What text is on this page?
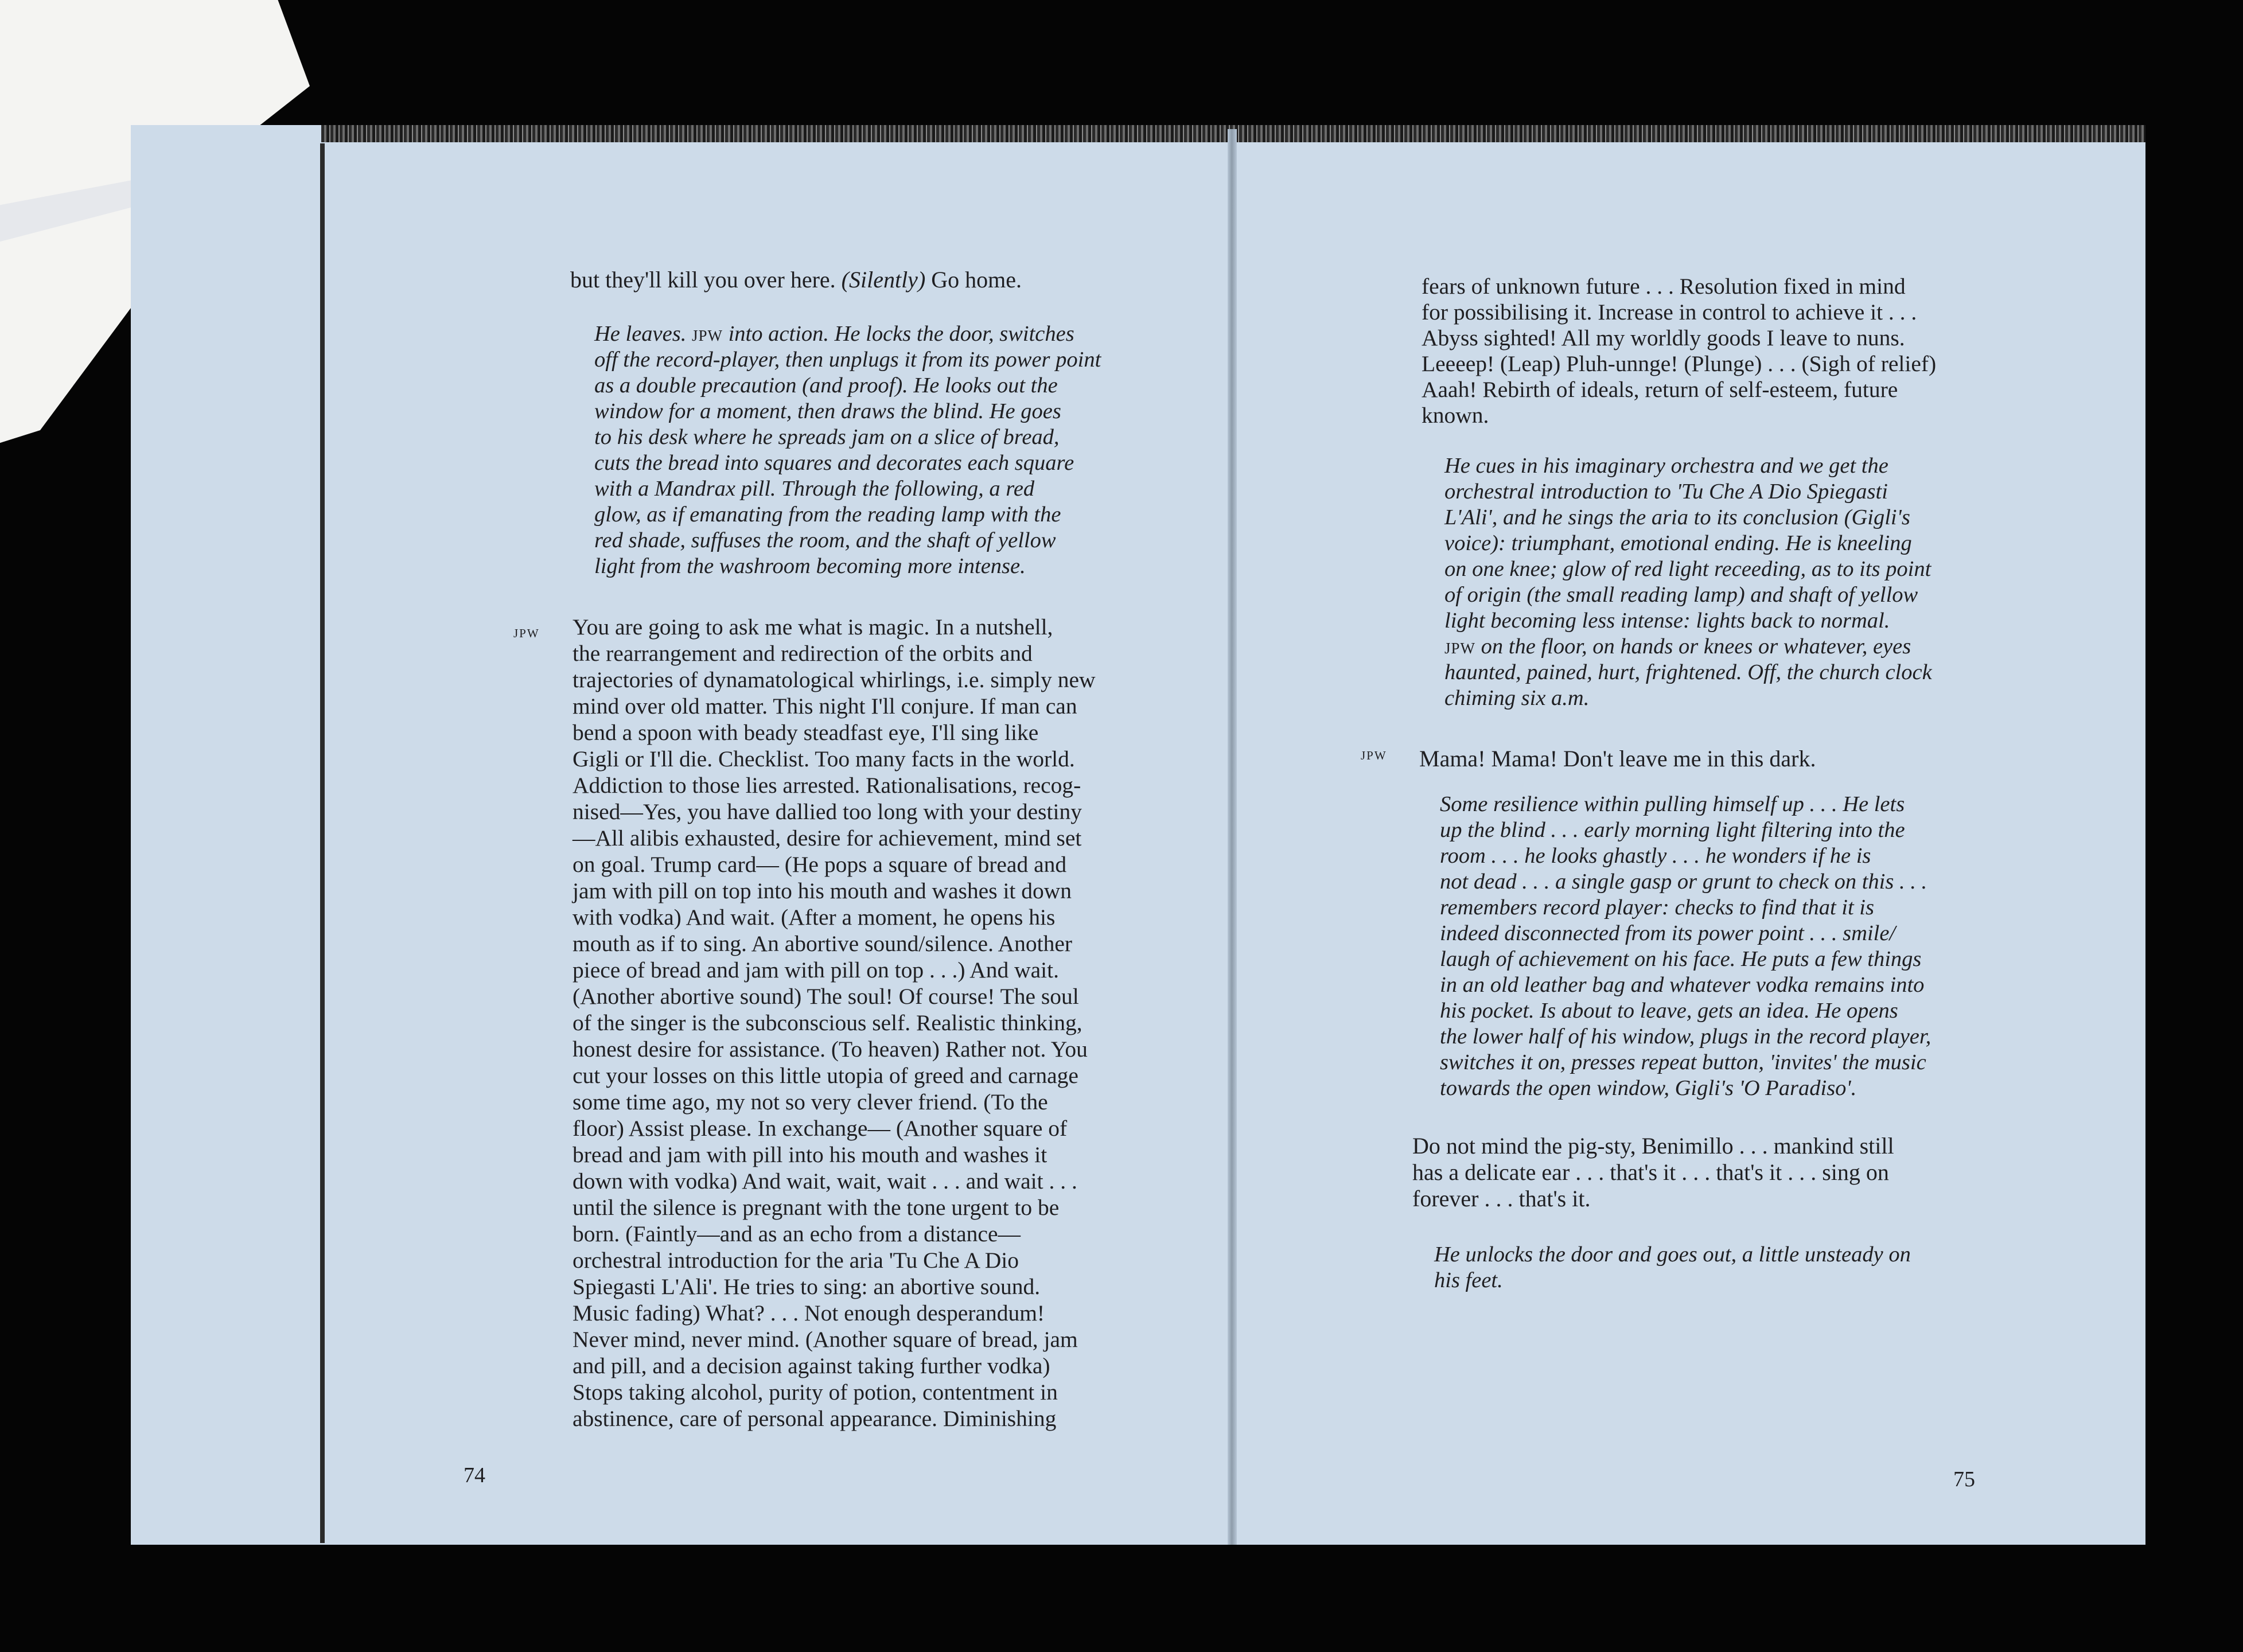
but they'll kill you over here. (Silently) Go home.
He leaves. jpw into action. He locks the door, switches
off the record-player, then unplugs it from its power point
as a double precaution (and proof). He looks out the
window for a moment, then draws the blind. He goes
to his desk where he spreads jam on a slice of bread,
cuts the bread into squares and decorates each square
with a Mandrax pill. Through the following, a red
glow, as if emanating from the reading lamp with the
red shade, suffuses the room, and the shaft of yellow
light from the washroom becoming more intense.
jpw You are going to ask me what is magic. In a nutshell,
the rearrangement and redirection of the orbits and
trajectories of dynamatological whirlings, i.e. simply new
mind over old matter. This night I'll conjure. If man can
bend a spoon with beady steadfast eye, I'll sing like
Gigli or I'll die. Checklist. Too many facts in the world.
Addiction to those lies arrested. Rationalisations, recog-
nised—Yes, you have dallied too long with your destiny
—All alibis exhausted, desire for achievement, mind set
on goal. Trump card— (He pops a square of bread and
jam with pill on top into his mouth and washes it down
with vodka) And wait. (After a moment, he opens his
mouth as if to sing. An abortive sound/silence. Another
piece of bread and jam with pill on top . . .) And wait.
(Another abortive sound) The soul! Of course! The soul
of the singer is the subconscious self. Realistic thinking,
honest desire for assistance. (To heaven) Rather not. You
cut your losses on this little utopia of greed and carnage
some time ago, my not so very clever friend. (To the
floor) Assist please. In exchange— (Another square of
bread and jam with pill into his mouth and washes it
down with vodka) And wait, wait, wait . . . and wait . . .
until the silence is pregnant with the tone urgent to be
born. (Faintly—and as an echo from a distance—
orchestral introduction for the aria 'Tu Che A Dio
Spiegasti L'Ali'. He tries to sing: an abortive sound.
Music fading) What? . . . Not enough desperandum!
Never mind, never mind. (Another square of bread, jam
and pill, and a decision against taking further vodka)
Stops taking alcohol, purity of potion, contentment in
abstinence, care of personal appearance. Diminishing
74
fears of unknown future . . . Resolution fixed in mind
for possibilising it. Increase in control to achieve it . . .
Abyss sighted! All my worldly goods I leave to nuns.
Leeeep! (Leap) Pluh-unnge! (Plunge) . . . (Sigh of relief)
Aaah! Rebirth of ideals, return of self-esteem, future
known.
He cues in his imaginary orchestra and we get the
orchestral introduction to 'Tu Che A Dio Spiegasti
L'Ali', and he sings the aria to its conclusion (Gigli's
voice): triumphant, emotional ending. He is kneeling
on one knee; glow of red light receeding, as to its point
of origin (the small reading lamp) and shaft of yellow
light becoming less intense: lights back to normal.
jpw on the floor, on hands or knees or whatever, eyes
haunted, pained, hurt, frightened. Off, the church clock
chiming six a.m.
jpw Mama! Mama! Don't leave me in this dark.
Some resilience within pulling himself up . . . He lets
up the blind . . . early morning light filtering into the
room . . . he looks ghastly . . . he wonders if he is
not dead . . . a single gasp or grunt to check on this . . .
remembers record player: checks to find that it is
indeed disconnected from its power point . . . smile/
laugh of achievement on his face. He puts a few things
in an old leather bag and whatever vodka remains into
his pocket. Is about to leave, gets an idea. He opens
the lower half of his window, plugs in the record player,
switches it on, presses repeat button, 'invites' the music
towards the open window, Gigli's 'O Paradiso'.
Do not mind the pig-sty, Benimillo . . . mankind still
has a delicate ear . . . that's it . . . that's it . . . sing on
forever . . . that's it.
He unlocks the door and goes out, a little unsteady on
his feet.
75
